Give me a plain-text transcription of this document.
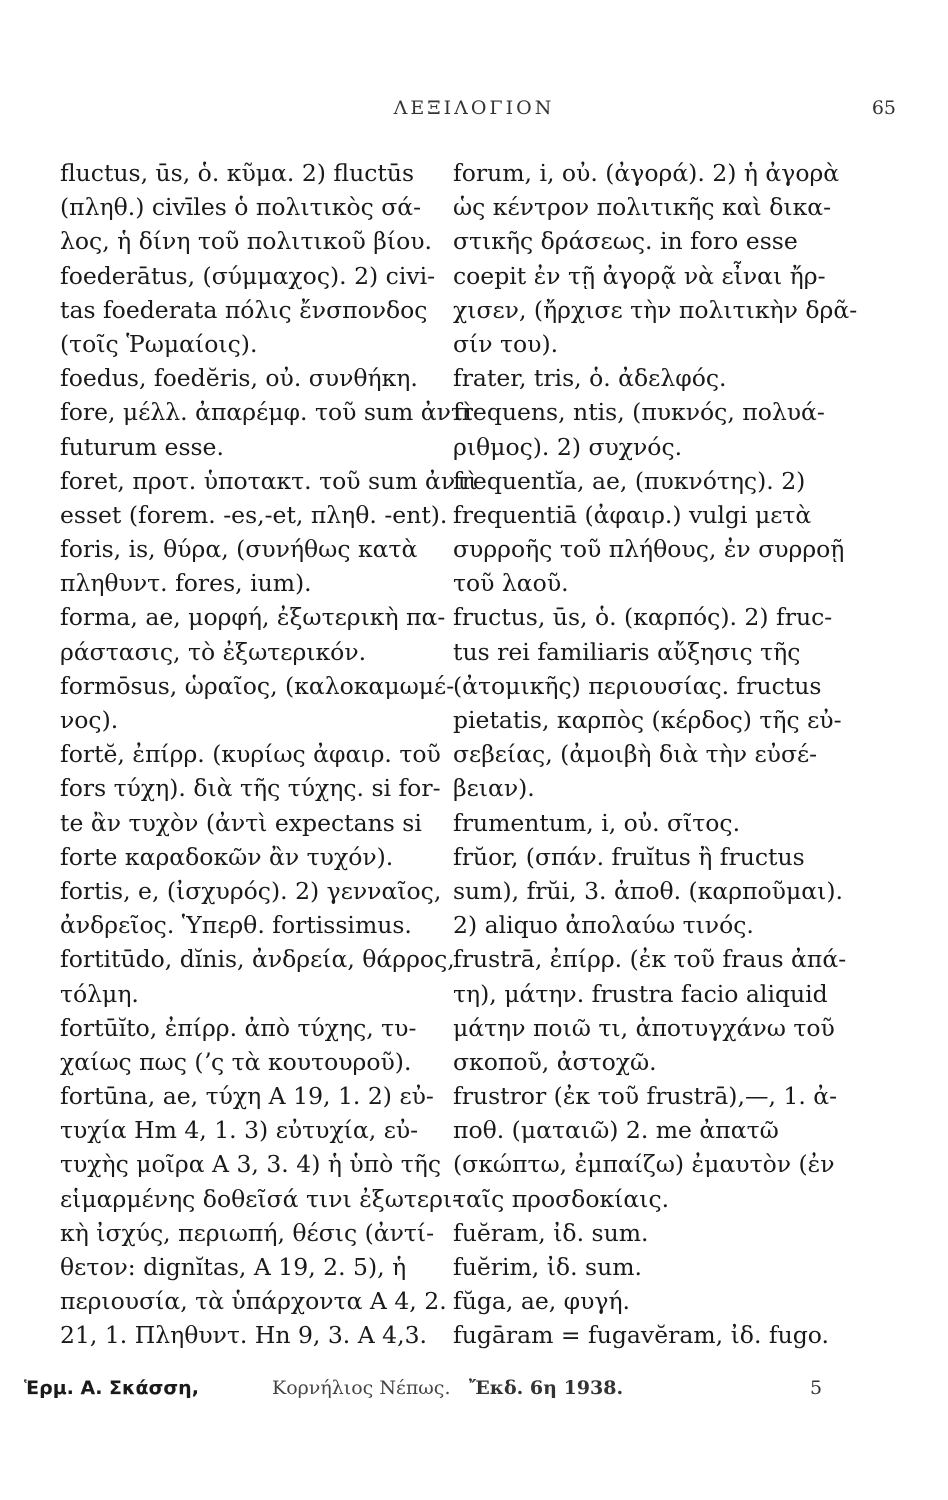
ΛΕΞΙΛΟΓΙΟΝ	65
fluctus, ūs, ὁ. κῦμα. 2) fluctūs
(πληθ.) civīles ὁ πολιτικὸς σά-
λος, ἡ δίνη τοῦ πολιτικοῦ βίου.
foederātus, (σύμμαχος). 2) civi-
tas foederata πόλις ἔνσπονδος
(τοῖς Ῥωμαίοις).
foedus, foedĕris, οὐ. συνθήκη.
fore, μέλλ. ἀπαρέμφ. τοῦ sum ἀντὶ
futurum esse.
foret, προτ. ὑποτακτ. τοῦ sum ἀντὶ
esset (forem. -es,-et, πληθ. -ent).
foris, is, θύρα, (συνήθως κατὰ
πληθυντ. fores, ium).
forma, ae, μορφή, ἐξωτερικὴ πα-
ράστασις, τὸ ἐξωτερικόν.
formōsus, ὡραῖος, (καλοκαμωμέ-
νος).
fortĕ, ἐπίρρ. (κυρίως ἀφαιρ. τοῦ
fors τύχη). διὰ τῆς τύχης. si for-
te ἂν τυχὸν (ἀντὶ expectans si
forte καραδοκῶν ἂν τυχόν).
fortis, e, (ἰσχυρός). 2) γενναῖος,
ἀνδρεῖος. Ὑπερθ. fortissimus.
fortitūdo, dĭnis, ἀνδρεία, θάρρος,
τόλμη.
fortūĭto, ἐπίρρ. ἀπὸ τύχης, τυ-
χαίως πως (ʼς τὰ κουτουροῦ).
fortūna, ae, τύχη Α 19, 1. 2) εὐ-
τυχία Hm 4, 1. 3) εὐτυχία, εὐ-
τυχὴς μοῖρα Α 3, 3. 4) ἡ ὑπὸ τῆς
εἱμαρμένης δοθεῖσά τινι ἐξωτερι-
κὴ ἰσχύς, περιωπή, θέσις (ἀντί-
θετον: dignĭtas, Α 19, 2. 5), ἡ
περιουσία, τὰ ὑπάρχοντα Α 4, 2.
21, 1. Πληθυντ. Hn 9, 3. Α 4,3.
forum, i, οὐ. (ἀγορά). 2) ἡ ἀγορὰ
ὡς κέντρον πολιτικῆς καὶ δικα-
στικῆς δράσεως. in foro esse
coepit ἐν τῇ ἀγορᾷ νὰ εἶναι ἤρ-
χισεν, (ἤρχισε τὴν πολιτικὴν δρᾶ-
σίν του).
frater, tris, ὁ. ἀδελφός.
frequens, ntis, (πυκνός, πολυά-
ριθμος). 2) συχνός.
frequentĭa, ae, (πυκνότης). 2)
frequentiā (ἀφαιρ.) vulgi μετὰ
συρροῆς τοῦ πλήθους, ἐν συρροῇ
τοῦ λαοῦ.
fructus, ūs, ὁ. (καρπός). 2) fruc-
tus rei familiaris αὔξησις τῆς
(ἀτομικῆς) περιουσίας. fructus
pietatis, καρπὸς (κέρδος) τῆς εὐ-
σεβείας, (ἀμοιβὴ διὰ τὴν εὐσέ-
βειαν).
frumentum, i, οὐ. σῖτος.
frŭor, (σπάν. fruĭtus ἢ fructus
sum), frŭi, 3. ἀποθ. (καρποῦμαι).
2) aliquo ἀπολαύω τινός.
frustrā, ἐπίρρ. (ἐκ τοῦ fraus ἀπά-
τη), μάτην. frustra facio aliquid
μάτην ποιῶ τι, ἀποτυγχάνω τοῦ
σκοποῦ, ἀστοχῶ.
frustror (ἐκ τοῦ frustrā),—, 1. ἀ-
ποθ. (ματαιῶ) 2. me ἀπατῶ
(σκώπτω, ἐμπαίζω) ἐμαυτὸν (ἐν
ταῖς προσδοκίαις.
fuĕram, ἰδ. sum.
fuĕrim, ἰδ. sum.
fŭga, ae, φυγή.
fugāram = fugavĕram, ἰδ. fugo.
Ἑρμ. Α. Σκάσση,	Κορνήλιος Νέπως. Ἔκδ. 6η 1938.	5
